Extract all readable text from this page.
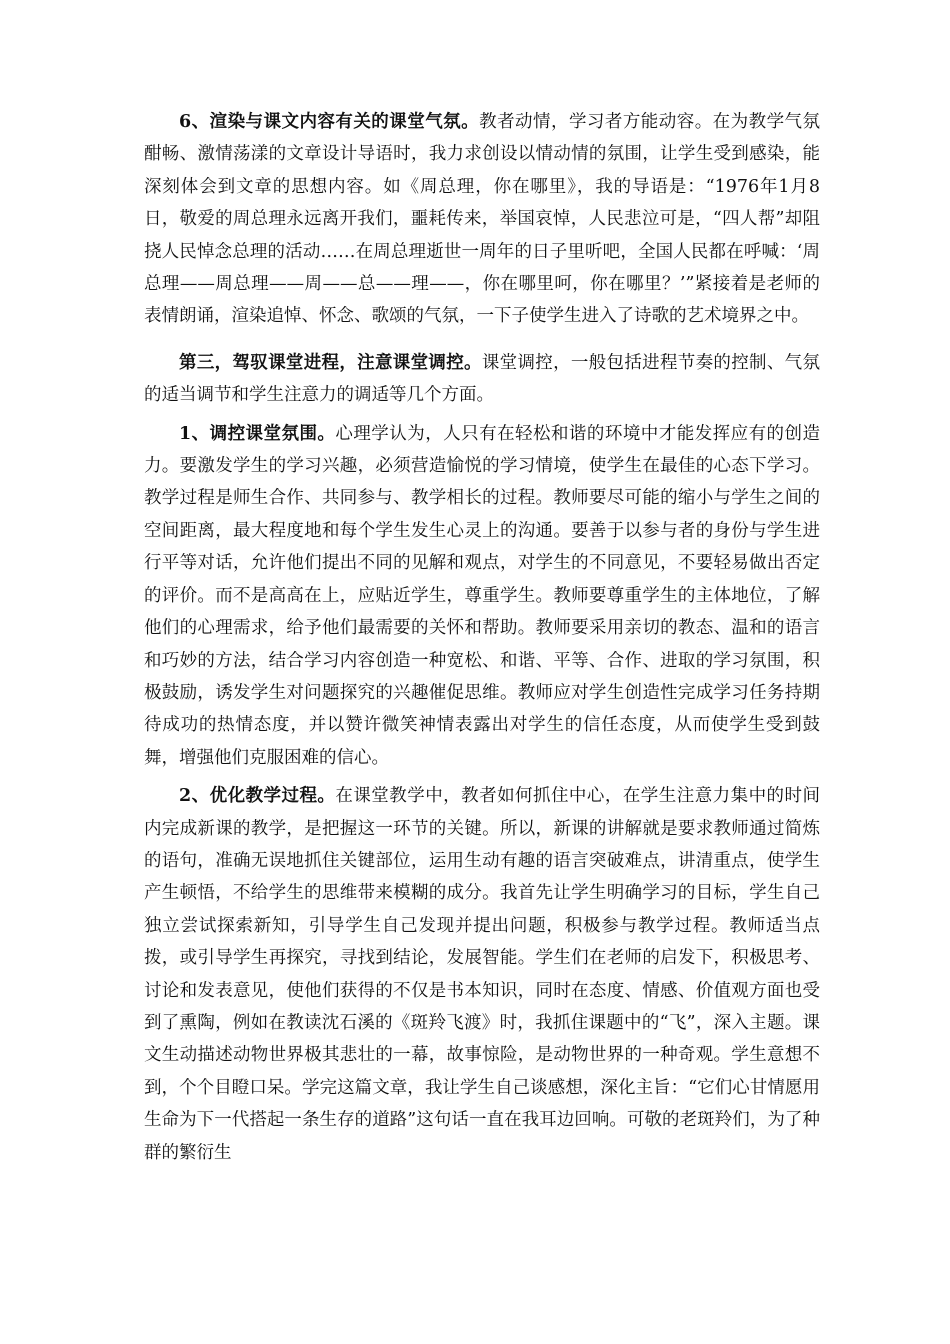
6、渲染与课文内容有关的课堂气氛。教者动情，学习者方能动容。在为教学气氛酣畅、激情荡漾的文章设计导语时，我力求创设以情动情的氛围，让学生受到感染，能深刻体会到文章的思想内容。如《周总理，你在哪里》，我的导语是：“1976年1月8日，敬爱的周总理永远离开我们，噩耗传来，举国哀悼，人民悲泣可是，“四人帮”却阻挠人民悼念总理的活动……在周总理逝世一周年的日子里听吧，全国人民都在呼喊：‘周总理——周总理——周——总——理——，你在哪里呵，你在哪里？’”紧接着是老师的表情朗诵，渲染追悼、怀念、歌颂的气氛，一下子使学生进入了诗歌的艺术境界之中。

第三，驾驭课堂进程，注意课堂调控。课堂调控，一般包括进程节奏的控制、气氛的适当调节和学生注意力的调适等几个方面。

1、调控课堂氛围。心理学认为，人只有在轻松和谐的环境中才能发挥应有的创造力。要激发学生的学习兴趣，必须营造愉悦的学习情境，使学生在最佳的心态下学习。教学过程是师生合作、共同参与、教学相长的过程。教师要尽可能的缩小与学生之间的空间距离，最大程度地和每个学生发生心灵上的沟通。要善于以参与者的身份与学生进行平等对话，允许他们提出不同的见解和观点，对学生的不同意见，不要轻易做出否定的评价。而不是高高在上，应贴近学生，尊重学生。教师要尊重学生的主体地位，了解他们的心理需求，给予他们最需要的关怀和帮助。教师要采用亲切的教态、温和的语言和巧妙的方法，结合学习内容创造一种宽松、和谐、平等、合作、进取的学习氛围，积极鼓励，诱发学生对问题探究的兴趣催促思维。教师应对学生创造性完成学习任务持期待成功的热情态度，并以赞许微笑神情表露出对学生的信任态度，从而使学生受到鼓舞，增强他们克服困难的信心。

2、优化教学过程。在课堂教学中，教者如何抓住中心，在学生注意力集中的时间内完成新课的教学，是把握这一环节的关键。所以，新课的讲解就是要求教师通过简炼的语句，准确无误地抓住关键部位，运用生动有趣的语言突破难点，讲清重点，使学生产生顿悟，不给学生的思维带来模糊的成分。我首先让学生明确学习的目标，学生自己独立尝试探索新知，引导学生自己发现并提出问题，积极参与教学过程。教师适当点拨，或引导学生再探究，寻找到结论，发展智能。学生们在老师的启发下，积极思考、讨论和发表意见，使他们获得的不仅是书本知识，同时在态度、情感、价值观方面也受到了熏陶，例如在教读沈石溪的《斑羚飞渡》时，我抓住课题中的“飞”，深入主题。课文生动描述动物世界极其悲壮的一幕，故事惊险，是动物世界的一种奇观。学生意想不到，个个目瞪口呆。学完这篇文章，我让学生自己谈感想，深化主旨：“它们心甘情愿用生命为下一代搭起一条生存的道路”这句话一直在我耳边回响。可敬的老斑羚们，为了种群的繁衍生
